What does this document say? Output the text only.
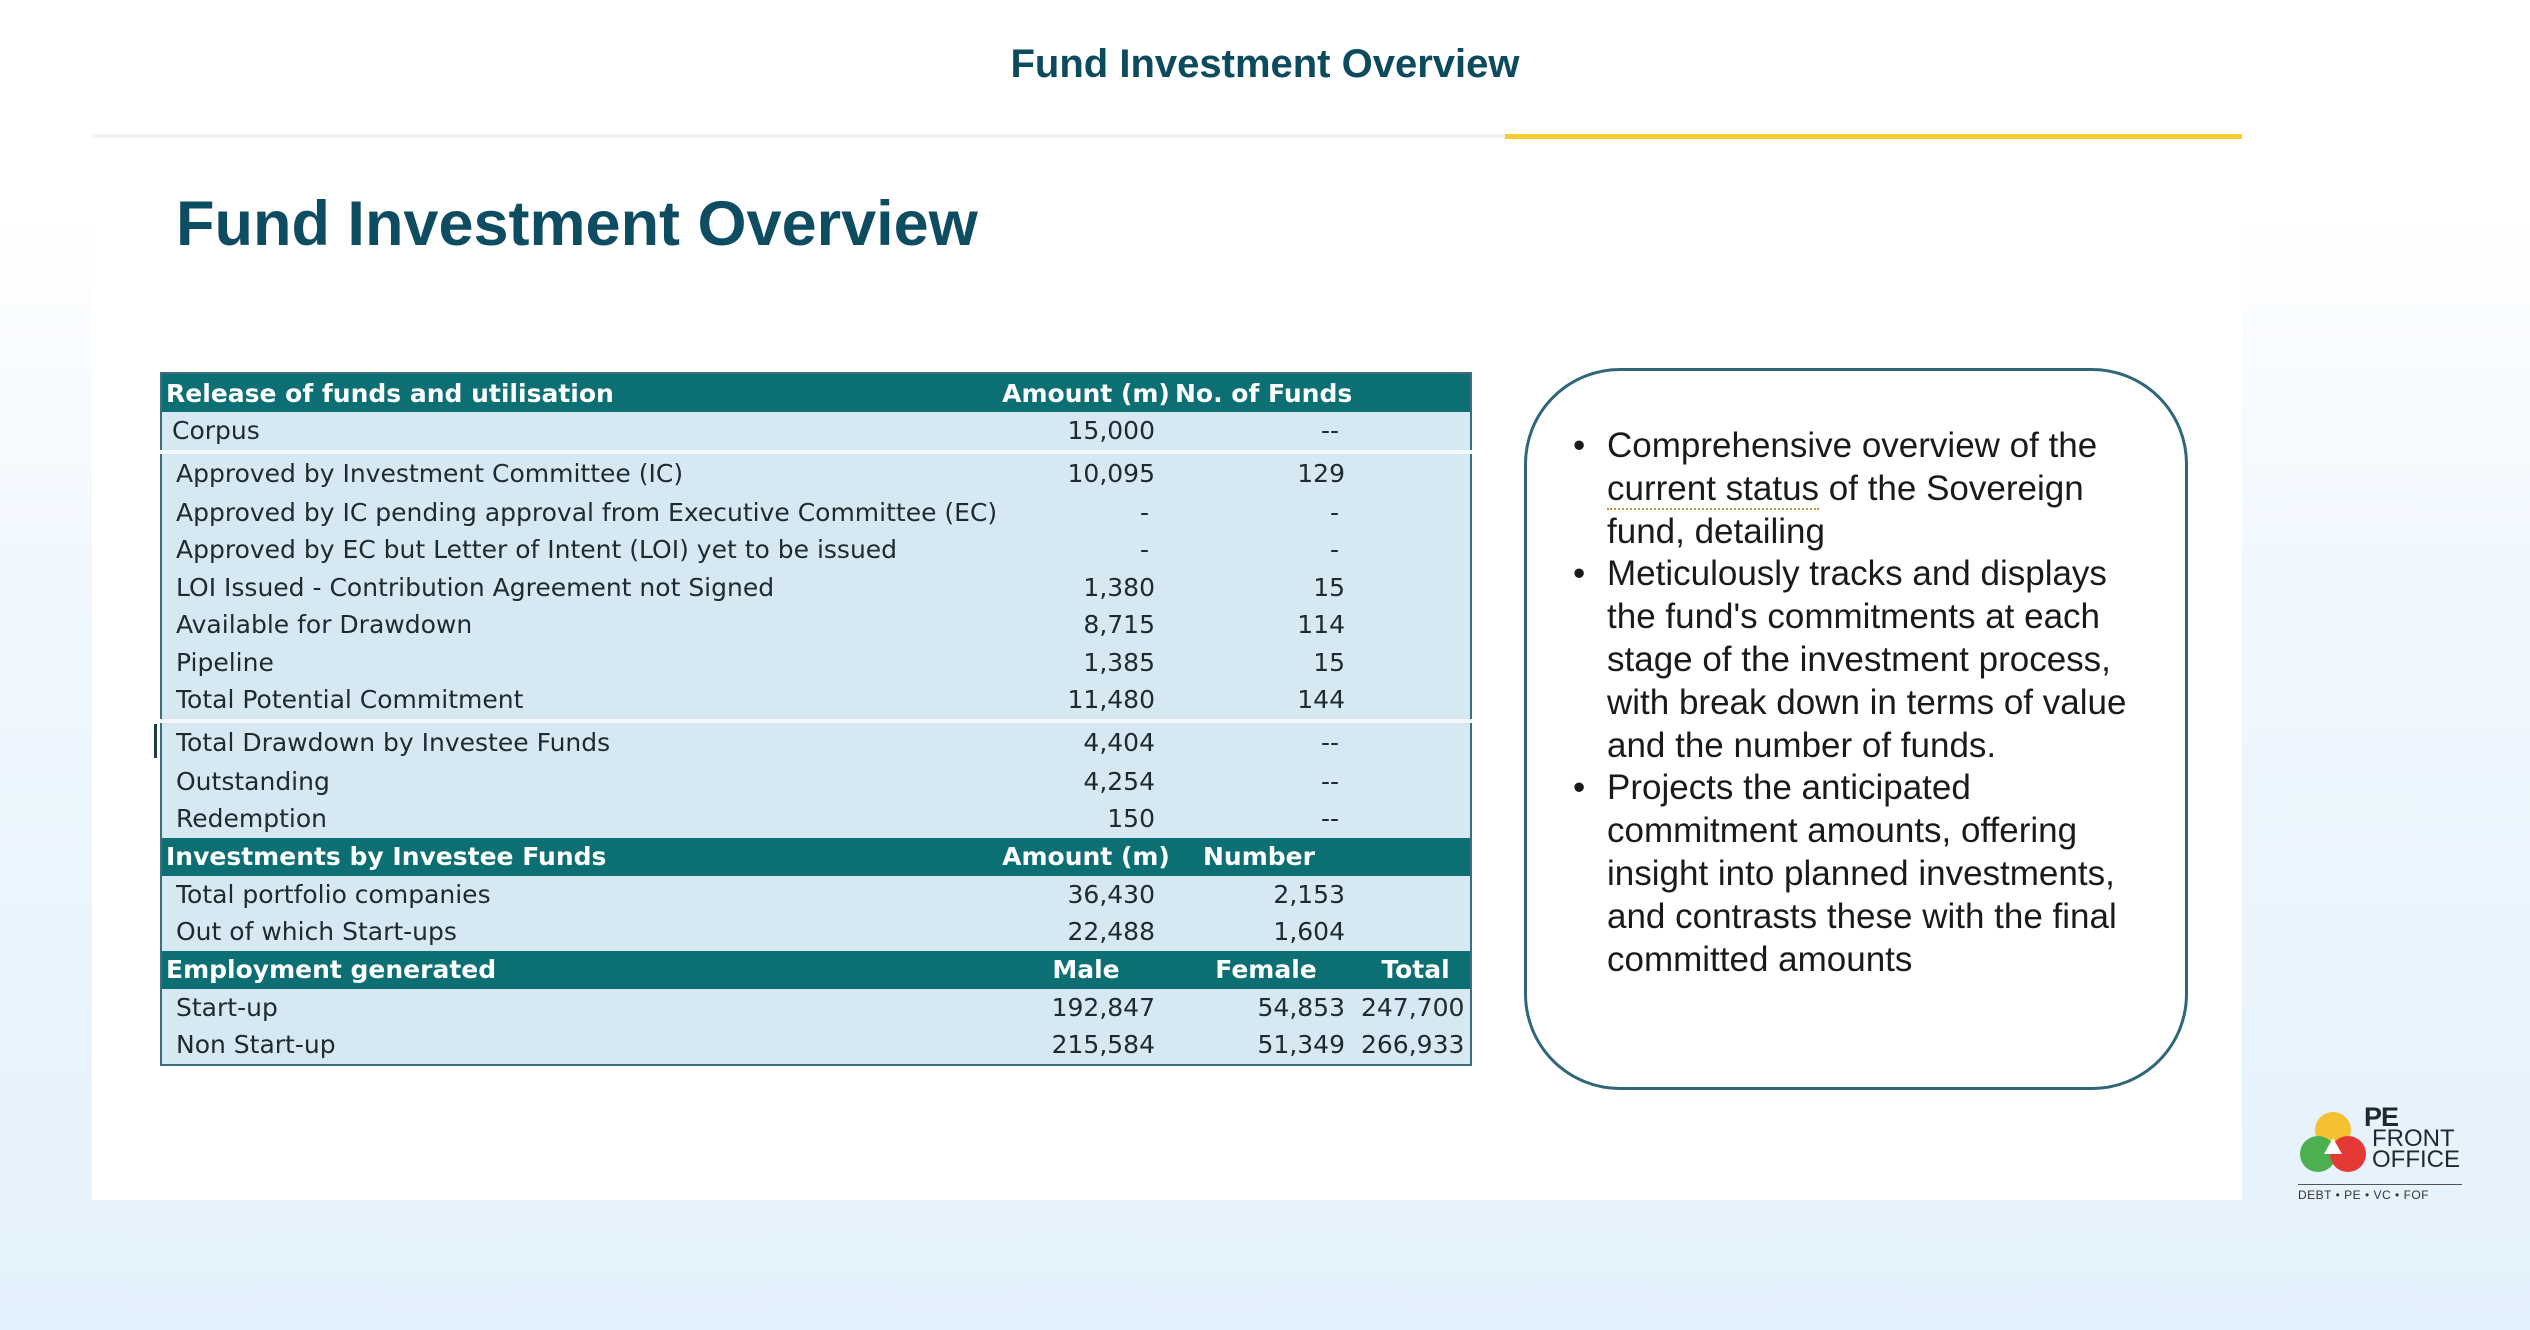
Fund Investment Overview
Fund Investment Overview
Release of funds and utilisation	Amount (m)	No. of Funds	
Corpus	15,000	--	
Approved by Investment Committee (IC)	10,095	129	
Approved by IC pending approval from Executive Committee (EC)	-	-	
Approved by EC but Letter of Intent (LOI) yet to be issued	-	-	
LOI Issued - Contribution Agreement not Signed	1,380	15	
Available for Drawdown	8,715	114	
Pipeline	1,385	15	
Total Potential Commitment	11,480	144	
Total Drawdown by Investee Funds	4,404	--	
Outstanding	4,254	--	
Redemption	150	--	
Investments by Investee Funds	Amount (m)	Number	
Total portfolio companies	36,430	2,153	
Out of which Start-ups	22,488	1,604	
Employment generated	Male	Female	Total
Start-up	192,847	54,853	247,700
Non Start-up	215,584	51,349	266,933
• Comprehensive overview of the current status of the Sovereign fund, detailing
• Meticulously tracks and displays the fund's commitments at each stage of the investment process, with break down in terms of value and the number of funds.
• Projects the anticipated commitment amounts, offering insight into planned investments, and contrasts these with the final committed amounts
PE
FRONT
OFFICE
DEBT • PE • VC • FOF
